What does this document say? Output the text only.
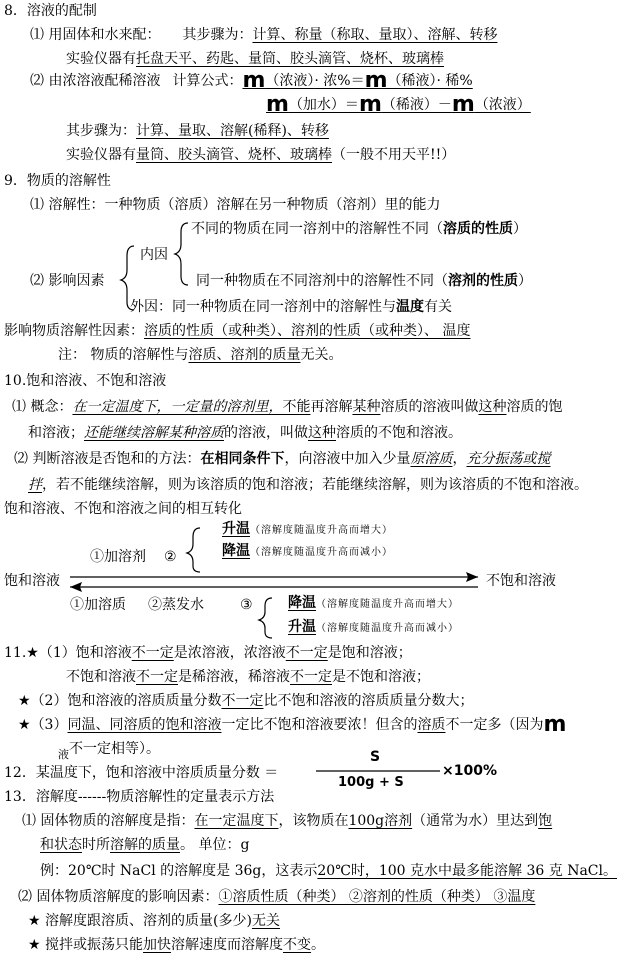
8．溶液的配制
⑴ 用固体和水来配： 其步骤为：计算、称量（称取、量取）、溶解、转移
实验仪器有托盘天平、药匙、量筒、胶头滴管、烧杯、玻璃棒
⑵ 由浓溶液配稀溶液 计算公式：m（浓液）· 浓%＝m（稀液）· 稀%
m（加水）＝m（稀液）－m（浓液）
其步骤为：计算、量取、溶解(稀释)、转移
实验仪器有量筒、胶头滴管、烧杯、玻璃棒（一般不用天平!!）
9．物质的溶解性
⑴ 溶解性：一种物质（溶质）溶解在另一种物质（溶剂）里的能力
不同的物质在同一溶剂中的溶解性不同（溶质的性质）
内因
⑵ 影响因素	同一种物质在不同溶剂中的溶解性不同（溶剂的性质）
外因：同一种物质在同一溶剂中的溶解性与温度有关
影响物质溶解性因素：溶质的性质（或种类）、溶剂的性质（或种类）、 温度
注： 物质的溶解性与溶质、溶剂的质量无关。
10.饱和溶液、不饱和溶液
⑴ 概念：在一定温度下，一定量的溶剂里，不能再溶解某种溶质的溶液叫做这种溶质的饱
和溶液；还能继续溶解某种溶质的溶液，叫做这种溶质的不饱和溶液。
⑵ 判断溶液是否饱和的方法：在相同条件下，向溶液中加入少量原溶质，充分振荡或搅
拌，若不能继续溶解，则为该溶质的饱和溶液；若能继续溶解，则为该溶质的不饱和溶液。
饱和溶液、不饱和溶液之间的相互转化
升温（溶解度随温度升高而增大）
降温（溶解度随温度升高而减小）
①加溶剂 ②
饱和溶液	不饱和溶液
①加溶质 ②蒸发水	③	降温（溶解度随温度升高而增大）
升温（溶解度随温度升高而减小）
11.★（1）饱和溶液不一定是浓溶液，浓溶液不一定是饱和溶液；
不饱和溶液不一定是稀溶液，稀溶液不一定是不饱和溶液；
★（2）饱和溶液的溶质质量分数不一定比不饱和溶液的溶质质量分数大；
★（3）同温、同溶质的饱和溶液一定比不饱和溶液要浓！但含的溶质不一定多（因为m
$_液$不一定相等）。
12．某温度下，饱和溶液中溶质质量分数 ＝
S
100g + S
×100%
13．溶解度------物质溶解性的定量表示方法
⑴ 固体物质的溶解度是指：在一定温度下，该物质在100g溶剂（通常为水）里达到饱
和状态时所溶解的质量。 单位：g
例：20℃时 NaCl 的溶解度是 36g，这表示20℃时，100 克水中最多能溶解 36 克 NaCl。
⑵ 固体物质溶解度的影响因素：①溶质性质（种类） ②溶剂的性质（种类） ③温度
★ 溶解度跟溶质、溶剂的质量(多少)无关
★ 搅拌或振荡只能加快溶解速度而溶解度不变。
